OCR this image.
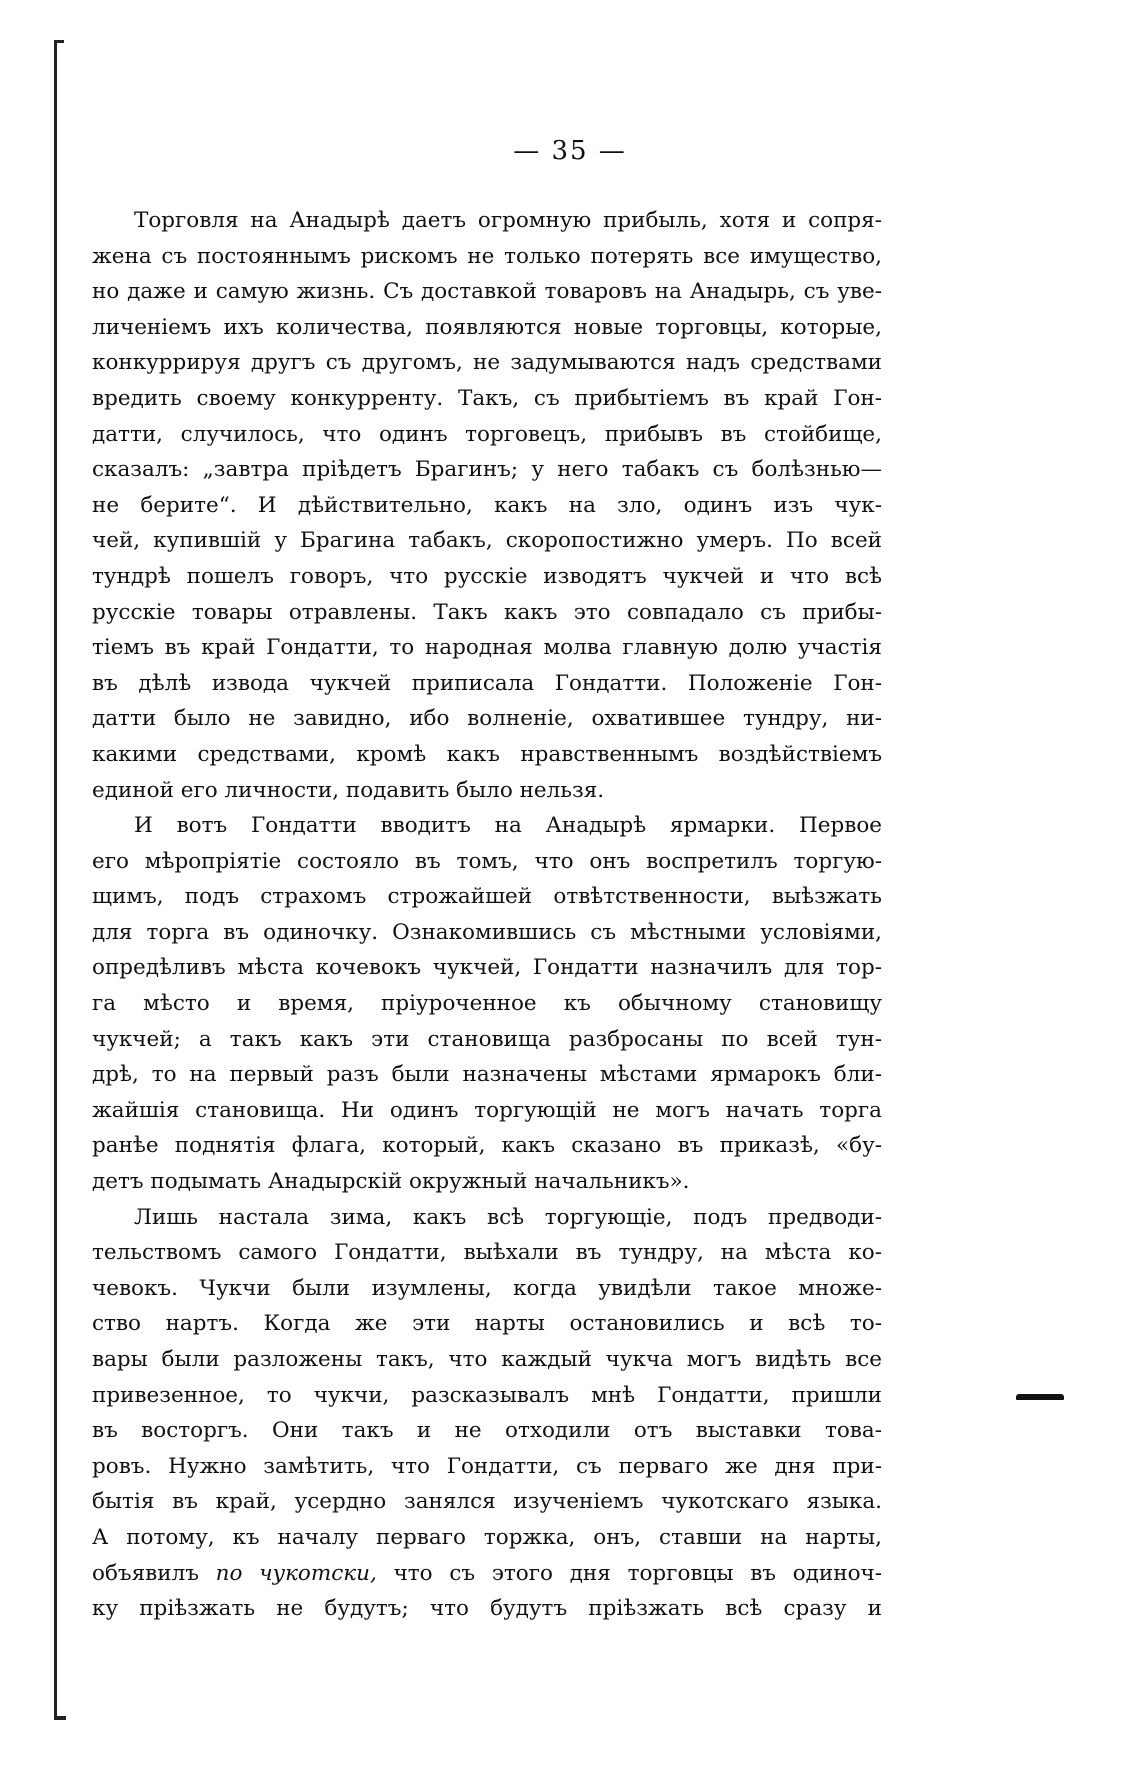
— 35 —
Торговля на Анадырѣ даетъ огромную прибыль, хотя и сопря-
жена съ постояннымъ рискомъ не только потерять все имущество,
но даже и самую жизнь. Съ доставкой товаровъ на Анадырь, съ уве-
личенiемъ ихъ количества, появляются новые торговцы, которые,
конкуррируя другъ съ другомъ, не задумываются надъ средствами
вредить своему конкурренту. Такъ, съ прибытiемъ въ край Гон-
датти, случилось, что одинъ торговецъ, прибывъ въ стойбище,
сказалъ: „завтра прiѣдетъ Брагинъ; у него табакъ съ болѣзнью—
не берите“. И дѣйствительно, какъ на зло, одинъ изъ чук-
чей, купившiй у Брагина табакъ, скоропостижно умеръ. По всей
тундрѣ пошелъ говоръ, что русскiе изводятъ чукчей и что всѣ
русскiе товары отравлены. Такъ какъ это совпадало съ прибы-
тiемъ въ край Гондатти, то народная молва главную долю участiя
въ дѣлѣ извода чукчей приписала Гондатти. Положенiе Гон-
датти было не завидно, ибо волненiе, охватившее тундру, ни-
какими средствами, кромѣ какъ нравственнымъ воздѣйствiемъ
единой его личности, подавить было нельзя.
И вотъ Гондатти вводитъ на Анадырѣ ярмарки. Первое
его мѣропрiятiе состояло въ томъ, что онъ воспретилъ торгую-
щимъ, подъ страхомъ строжайшей отвѣтственности, выѣзжать
для торга въ одиночку. Ознакомившись съ мѣстными условiями,
опредѣливъ мѣста кочевокъ чукчей, Гондатти назначилъ для тор-
га мѣсто и время, прiуроченное къ обычному становищу
чукчей; а такъ какъ эти становища разбросаны по всей тун-
дрѣ, то на первый разъ были назначены мѣстами ярмарокъ бли-
жайшiя становища. Ни одинъ торгующiй не могъ начать торга
ранѣе поднятiя флага, который, какъ сказано въ приказѣ, «бу-
детъ подымать Анадырскiй окружный начальникъ».
Лишь настала зима, какъ всѣ торгующiе, подъ предводи-
тельствомъ самого Гондатти, выѣхали въ тундру, на мѣста ко-
чевокъ. Чукчи были изумлены, когда увидѣли такое множе-
ство нартъ. Когда же эти нарты остановились и всѣ то-
вары были разложены такъ, что каждый чукча могъ видѣть все
привезенное, то чукчи, разсказывалъ мнѣ Гондатти, пришли
въ восторгъ. Они такъ и не отходили отъ выставки това-
ровъ. Нужно замѣтить, что Гондатти, съ перваго же дня при-
бытiя въ край, усердно занялся изученiемъ чукотскаго языка.
А потому, къ началу перваго торжка, онъ, ставши на нарты,
объявилъ по чукотски, что съ этого дня торговцы въ одиноч-
ку прiѣзжать не будутъ; что будутъ прiѣзжать всѣ сразу и
